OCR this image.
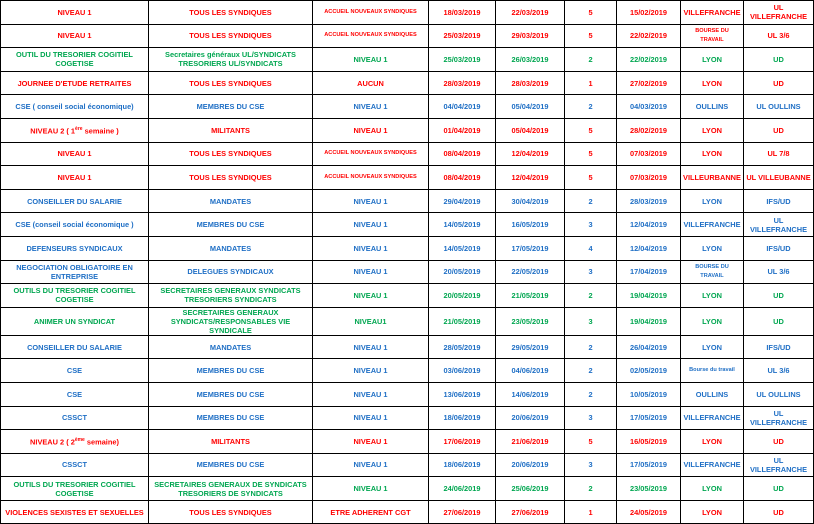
NIVEAU 1	TOUS LES SYNDIQUES	ACCUEIL NOUVEAUX SYNDIQUES	18/03/2019	22/03/2019	5	15/02/2019	VILLEFRANCHE	UL VILLEFRANCHE
NIVEAU 1	TOUS LES SYNDIQUES	ACCUEIL NOUVEAUX SYNDIQUES	25/03/2019	29/03/2019	5	22/02/2019	BOURSE DU TRAVAIL	UL 3/6
OUTIL DU TRESORIER COGITIEL COGETISE	Secretaires généraux UL/SYNDICATS TRESORIERS UL/SYNDICATS	NIVEAU 1	25/03/2019	26/03/2019	2	22/02/2019	LYON	UD
JOURNEE D'ETUDE RETRAITES	TOUS LES SYNDIQUES	AUCUN	28/03/2019	28/03/2019	1	27/02/2019	LYON	UD
CSE ( conseil social économique)	MEMBRES DU CSE	NIVEAU 1	04/04/2019	05/04/2019	2	04/03/2019	OULLINS	UL OULLINS
NIVEAU 2 ( 1ère semaine )	MILITANTS	NIVEAU 1	01/04/2019	05/04/2019	5	28/02/2019	LYON	UD
NIVEAU 1	TOUS LES SYNDIQUES	ACCUEIL NOUVEAUX SYNDIQUES	08/04/2019	12/04/2019	5	07/03/2019	LYON	UL 7/8
NIVEAU 1	TOUS LES SYNDIQUES	ACCUEIL NOUVEAUX SYNDIQUES	08/04/2019	12/04/2019	5	07/03/2019	VILLEURBANNE	UL VILLEUBANNE
CONSEILLER DU SALARIE	MANDATES	NIVEAU 1	29/04/2019	30/04/2019	2	28/03/2019	LYON	IFS/UD
CSE (conseil social économique )	MEMBRES DU CSE	NIVEAU 1	14/05/2019	16/05/2019	3	12/04/2019	VILLEFRANCHE	UL VILLEFRANCHE
DEFENSEURS SYNDICAUX	MANDATES	NIVEAU 1	14/05/2019	17/05/2019	4	12/04/2019	LYON	IFS/UD
NEGOCIATION OBLIGATOIRE EN ENTREPRISE	DELEGUES SYNDICAUX	NIVEAU 1	20/05/2019	22/05/2019	3	17/04/2019	BOURSE DU TRAVAIL	UL 3/6
OUTILS DU TRESORIER COGITIEL COGETISE	SECRETAIRES GENERAUX SYNDICATS TRESORIERS SYNDICATS	NIVEAU 1	20/05/2019	21/05/2019	2	19/04/2019	LYON	UD
ANIMER UN SYNDICAT	SECRETAIRES GENERAUX SYNDICATS/RESPONSABLES VIE SYNDICALE	NIVEAU1	21/05/2019	23/05/2019	3	19/04/2019	LYON	UD
CONSEILLER DU SALARIE	MANDATES	NIVEAU 1	28/05/2019	29/05/2019	2	26/04/2019	LYON	IFS/UD
CSE	MEMBRES DU CSE	NIVEAU 1	03/06/2019	04/06/2019	2	02/05/2019	Bourse du travail	UL 3/6
CSE	MEMBRES DU CSE	NIVEAU 1	13/06/2019	14/06/2019	2	10/05/2019	OULLINS	UL OULLINS
CSSCT	MEMBRES DU CSE	NIVEAU 1	18/06/2019	20/06/2019	3	17/05/2019	VILLEFRANCHE	UL VILLEFRANCHE
NIVEAU 2 ( 2ème semaine)	MILITANTS	NIVEAU 1	17/06/2019	21/06/2019	5	16/05/2019	LYON	UD
CSSCT	MEMBRES DU CSE	NIVEAU 1	18/06/2019	20/06/2019	3	17/05/2019	VILLEFRANCHE	UL VILLEFRANCHE
OUTILS DU TRESORIER COGITIEL COGETISE	SECRETAIRES GENERAUX DE SYNDICATS TRESORIERS DE SYNDICATS	NIVEAU 1	24/06/2019	25/06/2019	2	23/05/2019	LYON	UD
VIOLENCES SEXISTES ET SEXUELLES	TOUS LES SYNDIQUES	ETRE ADHERENT CGT	27/06/2019	27/06/2019	1	24/05/2019	LYON	UD
